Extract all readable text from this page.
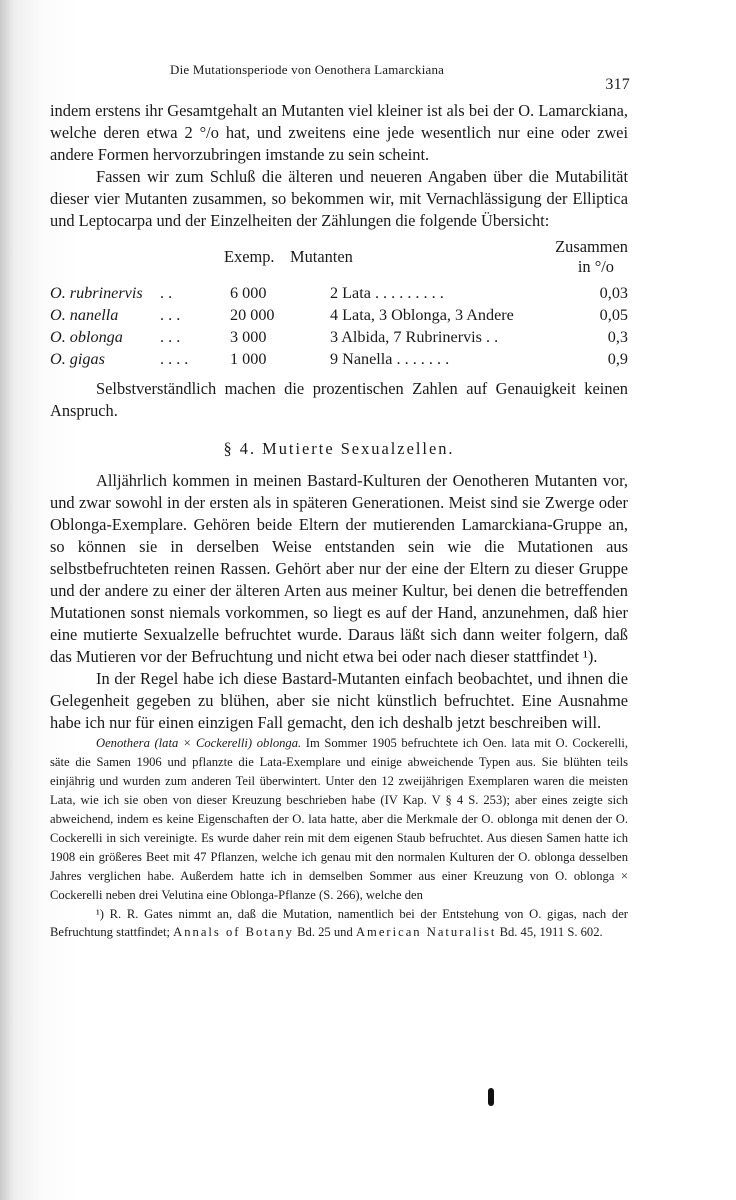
Die Mutationsperiode von Oenothera Lamarckiana
317

indem erstens ihr Gesamtgehalt an Mutanten viel kleiner ist als bei der O. Lamarckiana, welche deren etwa 2 °/o hat, und zweitens eine jede wesentlich nur eine oder zwei andere Formen hervorzubringen imstande zu sein scheint.

Fassen wir zum Schluß die älteren und neueren Angaben über die Mutabilität dieser vier Mutanten zusammen, so bekommen wir, mit Vernachlässigung der Elliptica und Leptocarpa und der Einzelheiten der Zählungen die folgende Übersicht:

Exemp. Mutanten
Zusammen
in °/o
O. rubrinervis	. .	6 000	2 Lata . . . . . . . . .	0,03
O. nanella	. . .	20 000	4 Lata, 3 Oblonga, 3 Andere	0,05
O. oblonga	. . .	3 000	3 Albida, 7 Rubrinervis . .	0,3
O. gigas	. . . .	1 000	9 Nanella . . . . . . .	0,9

Selbstverständlich machen die prozentischen Zahlen auf Genauigkeit keinen Anspruch.

§ 4. Mutierte Sexualzellen.

Alljährlich kommen in meinen Bastard-Kulturen der Oenotheren Mutanten vor, und zwar sowohl in der ersten als in späteren Generationen. Meist sind sie Zwerge oder Oblonga-Exemplare. Gehören beide Eltern der mutierenden Lamarckiana-Gruppe an, so können sie in derselben Weise entstanden sein wie die Mutationen aus selbstbefruchteten reinen Rassen. Gehört aber nur der eine der Eltern zu dieser Gruppe und der andere zu einer der älteren Arten aus meiner Kultur, bei denen die betreffenden Mutationen sonst niemals vorkommen, so liegt es auf der Hand, anzunehmen, daß hier eine mutierte Sexualzelle befruchtet wurde. Daraus läßt sich dann weiter folgern, daß das Mutieren vor der Befruchtung und nicht etwa bei oder nach dieser stattfindet ¹).

In der Regel habe ich diese Bastard-Mutanten einfach beobachtet, und ihnen die Gelegenheit gegeben zu blühen, aber sie nicht künstlich befruchtet. Eine Ausnahme habe ich nur für einen einzigen Fall gemacht, den ich deshalb jetzt beschreiben will.

Oenothera (lata × Cockerelli) oblonga. Im Sommer 1905 befruchtete ich Oen. lata mit O. Cockerelli, säte die Samen 1906 und pflanzte die Lata-Exemplare und einige abweichende Typen aus. Sie blühten teils einjährig und wurden zum anderen Teil überwintert. Unter den 12 zweijährigen Exemplaren waren die meisten Lata, wie ich sie oben von dieser Kreuzung beschrieben habe (IV Kap. V § 4 S. 253); aber eines zeigte sich abweichend, indem es keine Eigenschaften der O. lata hatte, aber die Merkmale der O. oblonga mit denen der O. Cockerelli in sich vereinigte. Es wurde daher rein mit dem eigenen Staub befruchtet. Aus diesen Samen hatte ich 1908 ein größeres Beet mit 47 Pflanzen, welche ich genau mit den normalen Kulturen der O. oblonga desselben Jahres verglichen habe. Außerdem hatte ich in demselben Sommer aus einer Kreuzung von O. oblonga × Cockerelli neben drei Velutina eine Oblonga-Pflanze (S. 266), welche den

¹) R. R. Gates nimmt an, daß die Mutation, namentlich bei der Entstehung von O. gigas, nach der Befruchtung stattfindet; Annals of Botany Bd. 25 und American Naturalist Bd. 45, 1911 S. 602.
